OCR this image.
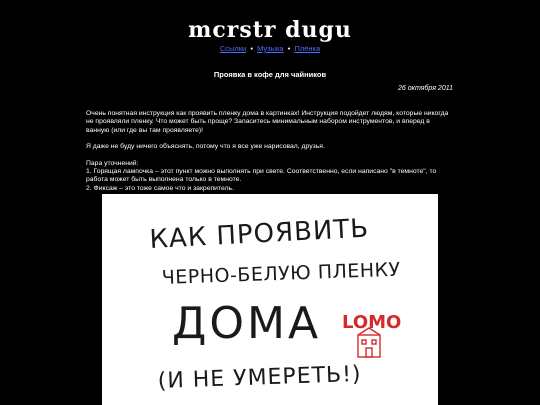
mcrstr dugu
Ссылки • Музыка • Плёнка
Проявка в кофе для чайников
26 октября 2011

Очень понятная инструкция как проявить пленку дома в картинках! Инструкция подойдет людям, которые никогда не проявляли пленку. Что может быть проще? Запаситесь минимальным набором инструментов, и вперед в ванную (или где вы там проявляете)!

Я даже не буду ничего объяснять, потому что я все уже нарисовал, друзья.

Пара уточнений:

1. Горящая лампочка – этот пункт можно выполнять при свете. Соответственно, если написано "в темноте", то работа может быть выполнена только в темноте.

2. Фиксаж – это тоже самое что и закрепитель.

КАК ПРОЯВИТЬ
ЧЕРНО-БЕЛУЮ ПЛЕНКУ
ДОМА
(И НЕ УМЕРЕТЬ!)
LOMO
